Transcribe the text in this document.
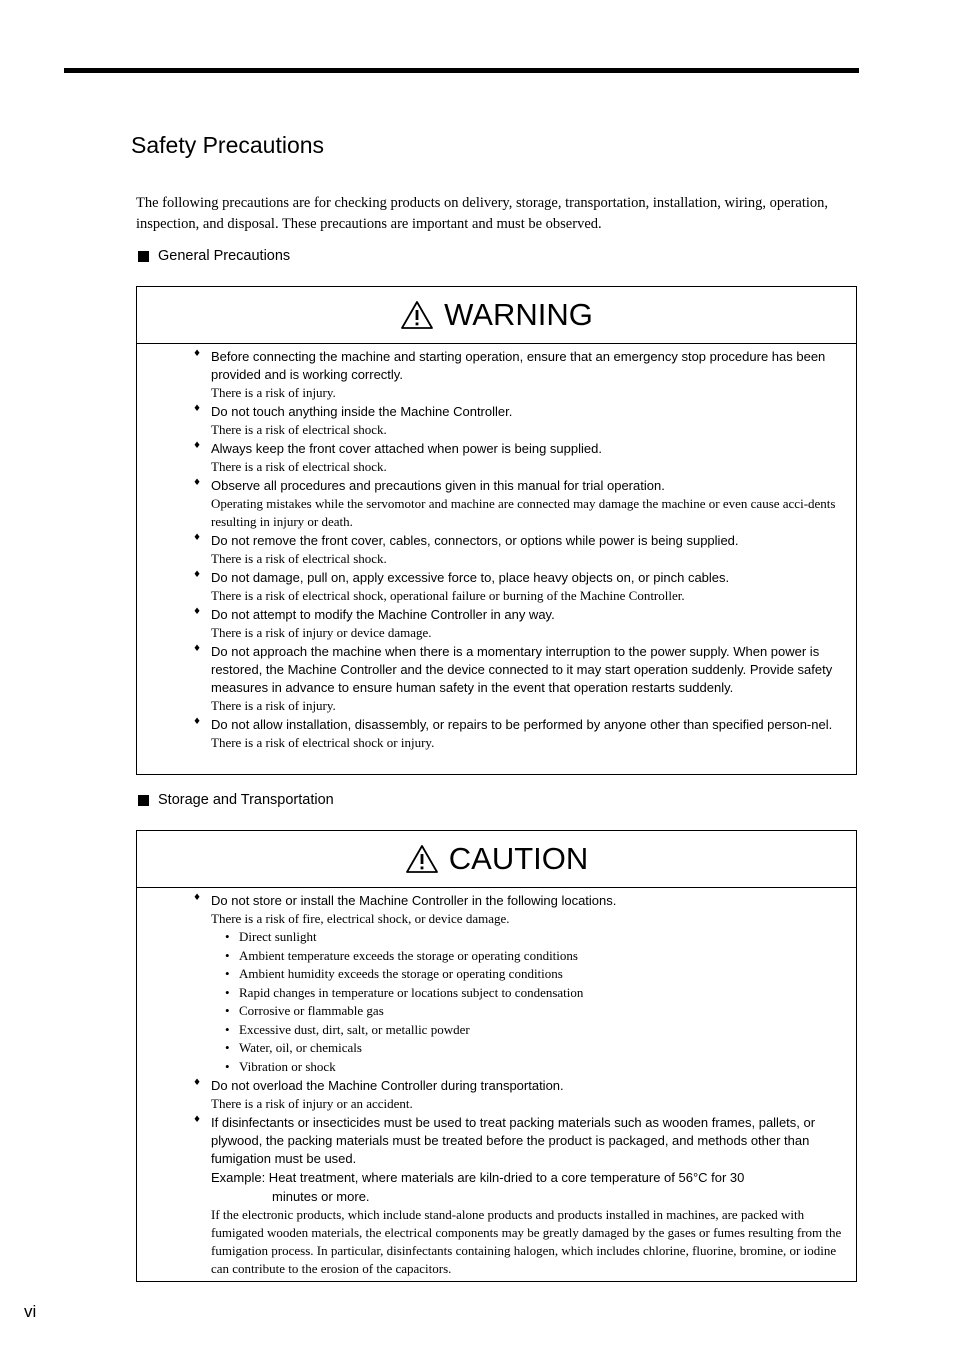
Safety Precautions

The following precautions are for checking products on delivery, storage, transportation, installation, wiring, operation, inspection, and disposal. These precautions are important and must be observed.

General Precautions
WARNING
♦ Before connecting the machine and starting operation, ensure that an emergency stop procedure has been provided and is working correctly.
There is a risk of injury.
♦ Do not touch anything inside the Machine Controller.
There is a risk of electrical shock.
♦ Always keep the front cover attached when power is being supplied.
There is a risk of electrical shock.
♦ Observe all procedures and precautions given in this manual for trial operation.
Operating mistakes while the servomotor and machine are connected may damage the machine or even cause acci-dents resulting in injury or death.
♦ Do not remove the front cover, cables, connectors, or options while power is being supplied.
There is a risk of electrical shock.
♦ Do not damage, pull on, apply excessive force to, place heavy objects on, or pinch cables.
There is a risk of electrical shock, operational failure or burning of the Machine Controller.
♦ Do not attempt to modify the Machine Controller in any way.
There is a risk of injury or device damage.
♦ Do not approach the machine when there is a momentary interruption to the power supply. When power is restored, the Machine Controller and the device connected to it may start operation suddenly. Provide safety measures in advance to ensure human safety in the event that operation restarts suddenly.
There is a risk of injury.
♦ Do not allow installation, disassembly, or repairs to be performed by anyone other than specified person-nel.
There is a risk of electrical shock or injury.
Storage and Transportation
CAUTION
♦ Do not store or install the Machine Controller in the following locations.
There is a risk of fire, electrical shock, or device damage.
• Direct sunlight
• Ambient temperature exceeds the storage or operating conditions
• Ambient humidity exceeds the storage or operating conditions
• Rapid changes in temperature or locations subject to condensation
• Corrosive or flammable gas
• Excessive dust, dirt, salt, or metallic powder
• Water, oil, or chemicals
• Vibration or shock
♦ Do not overload the Machine Controller during transportation.
There is a risk of injury or an accident.
♦ If disinfectants or insecticides must be used to treat packing materials such as wooden frames, pallets, or plywood, the packing materials must be treated before the product is packaged, and methods other than fumigation must be used.
Example: Heat treatment, where materials are kiln-dried to a core temperature of 56°C for 30
minutes or more.
If the electronic products, which include stand-alone products and products installed in machines, are packed with fumigated wooden materials, the electrical components may be greatly damaged by the gases or fumes resulting from the fumigation process. In particular, disinfectants containing halogen, which includes chlorine, fluorine, bromine, or iodine can contribute to the erosion of the capacitors.
vi
